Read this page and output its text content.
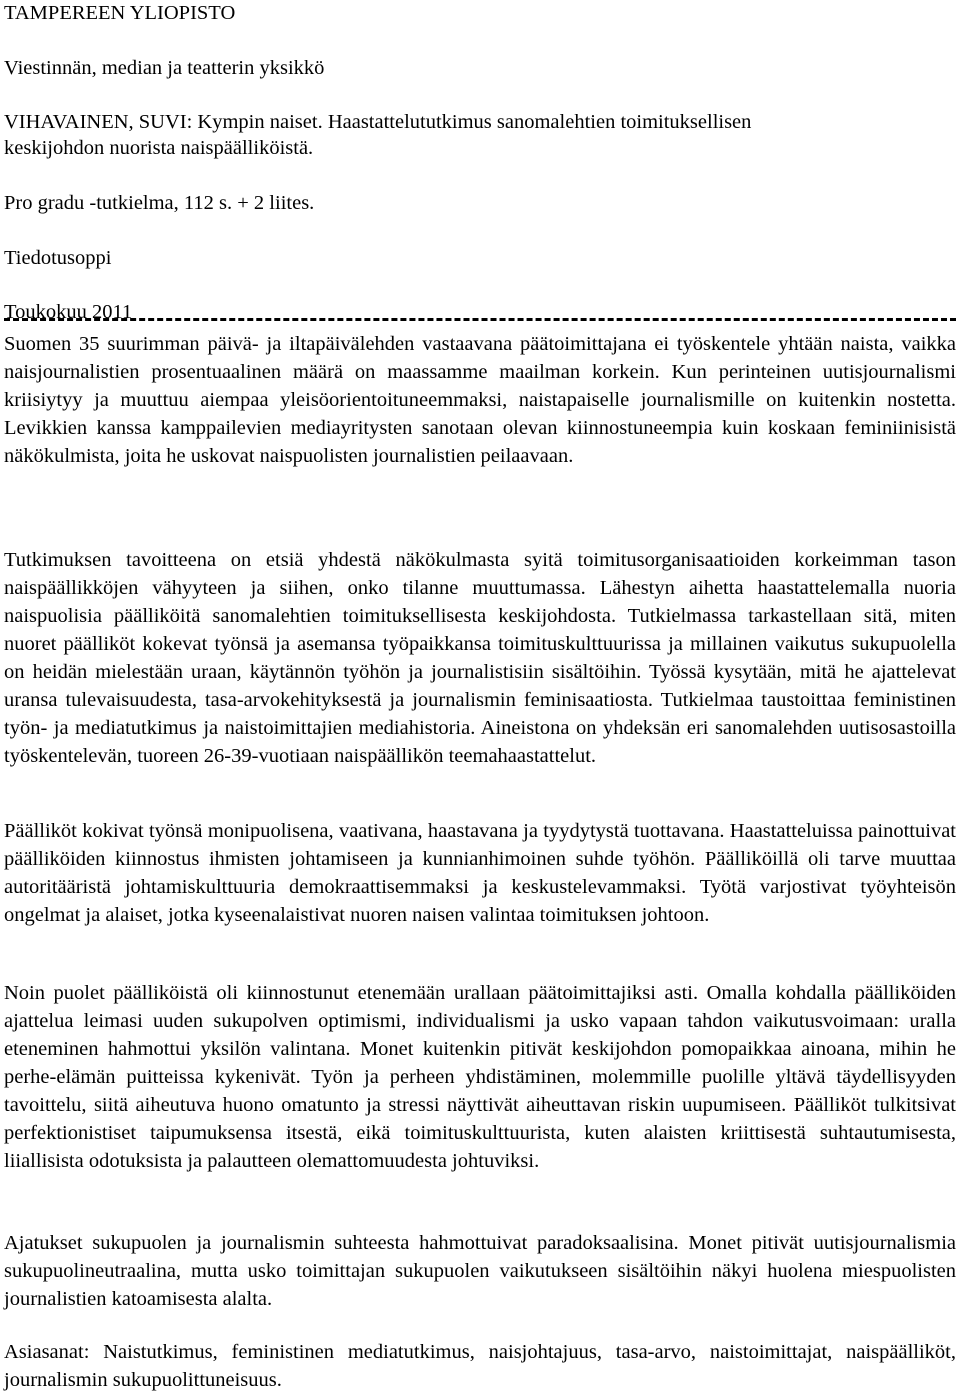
TAMPEREEN YLIOPISTO

Viestinnän, median ja teatterin yksikkö

VIHAVAINEN, SUVI: Kympin naiset. Haastattelututkimus sanomalehtien toimituksellisen

keskijohdon nuorista naispäälliköistä.

Pro gradu -tutkielma, 112 s. + 2 liites.

Tiedotusoppi

Toukokuu 2011

Suomen 35 suurimman päivä- ja iltapäivälehden vastaavana päätoimittajana ei työskentele yhtään naista, vaikka naisjournalistien prosentuaalinen määrä on maassamme maailman korkein. Kun perinteinen uutisjournalismi kriisiytyy ja muuttuu aiempaa yleisöorientoituneemmaksi, naistapaiselle journalismille on kuitenkin nostetta. Levikkien kanssa kamppailevien mediayritysten sanotaan olevan kiinnostuneempia kuin koskaan feminiinisistä näkökulmista, joita he uskovat naispuolisten journalistien peilaavaan.

Tutkimuksen tavoitteena on etsiä yhdestä näkökulmasta syitä toimitusorganisaatioiden korkeimman tason naispäällikköjen vähyyteen ja siihen, onko tilanne muuttumassa. Lähestyn aihetta haastattelemalla nuoria naispuolisia päälliköitä sanomalehtien toimituksellisesta keskijohdosta. Tutkielmassa tarkastellaan sitä, miten nuoret päälliköt kokevat työnsä ja asemansa työpaikkansa toimituskulttuurissa ja millainen vaikutus sukupuolella on heidän mielestään uraan, käytännön työhön ja journalistisiin sisältöihin. Työssä kysytään, mitä he ajattelevat uransa tulevaisuudesta, tasa-arvokehityksestä ja journalismin feminisaatiosta. Tutkielmaa taustoittaa feministinen työn- ja mediatutkimus ja naistoimittajien mediahistoria. Aineistona on yhdeksän eri sanomalehden uutisosastoilla työskentelevän, tuoreen 26-39-vuotiaan naispäällikön teemahaastattelut.

Päälliköt kokivat työnsä monipuolisena, vaativana, haastavana ja tyydytystä tuottavana. Haastatteluissa painottuivat päälliköiden kiinnostus ihmisten johtamiseen ja kunnianhimoinen suhde työhön. Päälliköillä oli tarve muuttaa autoritääristä johtamiskulttuuria demokraattisemmaksi ja keskustelevammaksi. Työtä varjostivat työyhteisön ongelmat ja alaiset, jotka kyseenalaistivat nuoren naisen valintaa toimituksen johtoon.

Noin puolet päälliköistä oli kiinnostunut etenemään urallaan päätoimittajiksi asti. Omalla kohdalla päälliköiden ajattelua leimasi uuden sukupolven optimismi, individualismi ja usko vapaan tahdon vaikutusvoimaan: uralla eteneminen hahmottui yksilön valintana. Monet kuitenkin pitivät keskijohdon pomopaikkaa ainoana, mihin he perhe-elämän puitteissa kykenivät. Työn ja perheen yhdistäminen, molemmille puolille yltävä täydellisyyden tavoittelu, siitä aiheutuva huono omatunto ja stressi näyttivät aiheuttavan riskin uupumiseen. Päälliköt tulkitsivat perfektionistiset taipumuksensa itsestä, eikä toimituskulttuurista, kuten alaisten kriittisestä suhtautumisesta, liiallisista odotuksista ja palautteen olemattomuudesta johtuviksi.

Ajatukset sukupuolen ja journalismin suhteesta hahmottuivat paradoksaalisina. Monet pitivät uutisjournalismia sukupuolineutraalina, mutta usko toimittajan sukupuolen vaikutukseen sisältöihin näkyi huolena miespuolisten journalistien katoamisesta alalta.

Asiasanat: Naistutkimus, feministinen mediatutkimus, naisjohtajuus, tasa-arvo, naistoimittajat, naispäälliköt, journalismin sukupuolittuneisuus.
